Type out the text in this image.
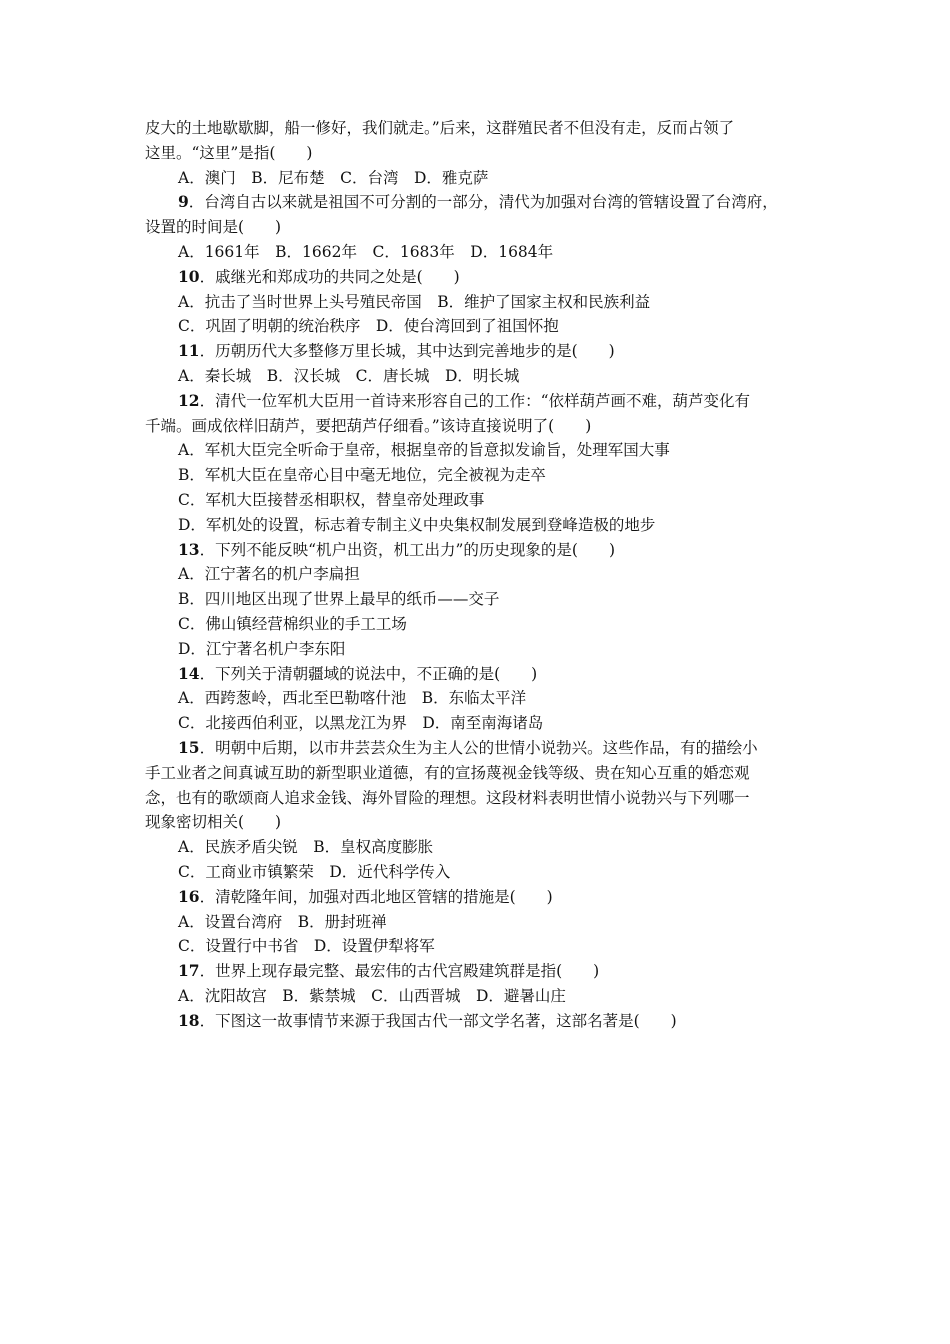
皮大的土地歇歇脚，船一修好，我们就走。”后来，这群殖民者不但没有走，反而占领了
这里。“这里”是指(　　)
A．澳门　B．尼布楚　C．台湾　D．雅克萨
9．台湾自古以来就是祖国不可分割的一部分，清代为加强对台湾的管辖设置了台湾府，
设置的时间是(　　)
A．1661年　B．1662年　C．1683年　D．1684年
10．戚继光和郑成功的共同之处是(　　)
A．抗击了当时世界上头号殖民帝国　B．维护了国家主权和民族利益
C．巩固了明朝的统治秩序　D．使台湾回到了祖国怀抱
11．历朝历代大多整修万里长城，其中达到完善地步的是(　　)
A．秦长城　B．汉长城　C．唐长城　D．明长城
12．清代一位军机大臣用一首诗来形容自己的工作：“依样葫芦画不难，葫芦变化有
千端。画成依样旧葫芦，要把葫芦仔细看。”该诗直接说明了(　　)
A．军机大臣完全听命于皇帝，根据皇帝的旨意拟发谕旨，处理军国大事
B．军机大臣在皇帝心目中毫无地位，完全被视为走卒
C．军机大臣接替丞相职权，替皇帝处理政事
D．军机处的设置，标志着专制主义中央集权制发展到登峰造极的地步
13．下列不能反映“机户出资，机工出力”的历史现象的是(　　)
A．江宁著名的机户李扁担
B．四川地区出现了世界上最早的纸币——交子
C．佛山镇经营棉织业的手工工场
D．江宁著名机户李东阳
14．下列关于清朝疆域的说法中，不正确的是(　　)
A．西跨葱岭，西北至巴勒喀什池　B．东临太平洋
C．北接西伯利亚，以黑龙江为界　D．南至南海诸岛
15．明朝中后期，以市井芸芸众生为主人公的世情小说勃兴。这些作品，有的描绘小
手工业者之间真诚互助的新型职业道德，有的宣扬蔑视金钱等级、贵在知心互重的婚恋观
念，也有的歌颂商人追求金钱、海外冒险的理想。这段材料表明世情小说勃兴与下列哪一
现象密切相关(　　)
A．民族矛盾尖锐　B．皇权高度膨胀
C．工商业市镇繁荣　D．近代科学传入
16．清乾隆年间，加强对西北地区管辖的措施是(　　)
A．设置台湾府　B．册封班禅
C．设置行中书省　D．设置伊犁将军
17．世界上现存最完整、最宏伟的古代宫殿建筑群是指(　　)
A．沈阳故宫　B．紫禁城　C．山西晋城　D．避暑山庄
18．下图这一故事情节来源于我国古代一部文学名著，这部名著是(　　)
